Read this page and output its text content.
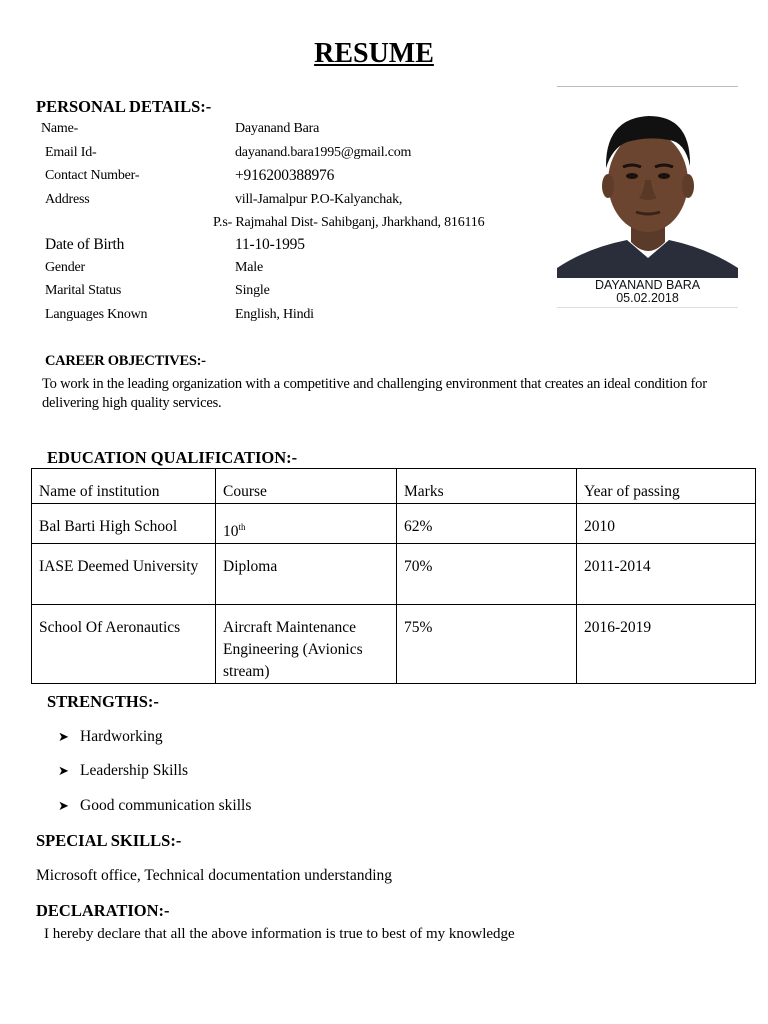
RESUME
PERSONAL DETAILS:-
Name-	Dayanand Bara
Email Id-	dayanand.bara1995@gmail.com
Contact Number-	+916200388976
Address	vill-Jamalpur P.O-Kalyanchak,
P.s- Rajmahal Dist- Sahibganj, Jharkhand, 816116
Date of Birth	11-10-1995
Gender	Male
Marital Status	Single
Languages Known	English, Hindi
DAYANAND BARA
05.02.2018
CAREER OBJECTIVES:-
To work in the leading organization with a competitive and challenging environment that creates an ideal condition for delivering high quality services.
EDUCATION QUALIFICATION:-
Name of institution	Course	Marks	Year of passing
Bal Barti High School	10th	62%	2010
IASE Deemed University	Diploma	70%	2011-2014
School Of Aeronautics	Aircraft Maintenance Engineering (Avionics stream)	75%	2016-2019
STRENGTHS:-
➤ Hardworking
➤ Leadership Skills
➤ Good communication skills
SPECIAL SKILLS:-
Microsoft office, Technical documentation understanding
DECLARATION:-
I hereby declare that all the above information is true to best of my knowledge
